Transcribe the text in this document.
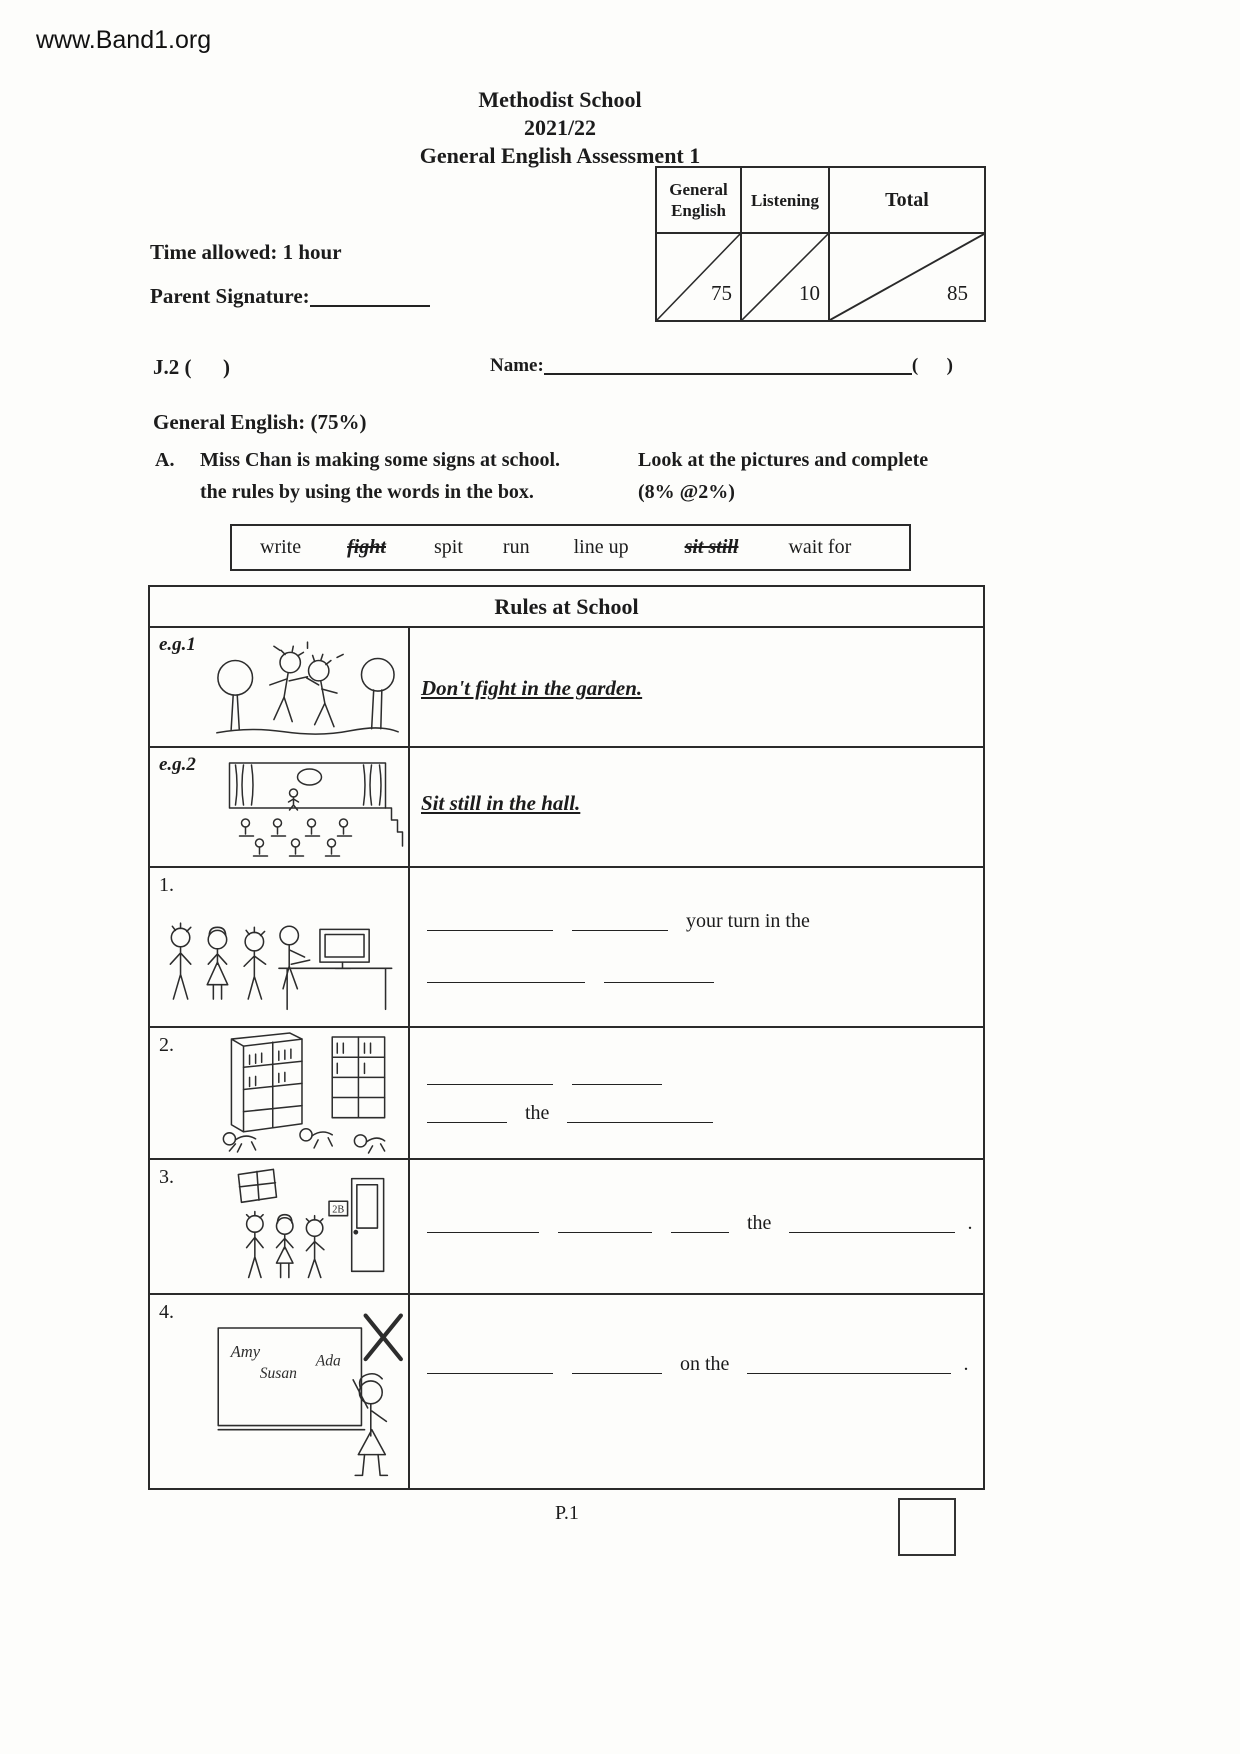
www.Band1.org
Methodist School
2021/22
General English Assessment 1
General
English
Listening	Total
75	10	85
Time allowed: 1 hour
Parent Signature:
J.2 (      )	Name:	(      )
General English: (75%)
A. Miss Chan is making some signs at school.	Look at the pictures and complete
the rules by using the words in the box.	(8% @2%)
write fight spit run line up	sit still	wait for
Rules at School
e.g.1
Don't fight in the garden.
e.g.2
Sit still in the hall.
1.
your turn in the

2.

the
3.
2B
the	.
4.
Amy
Susan
Ada	on the	.
P.1
